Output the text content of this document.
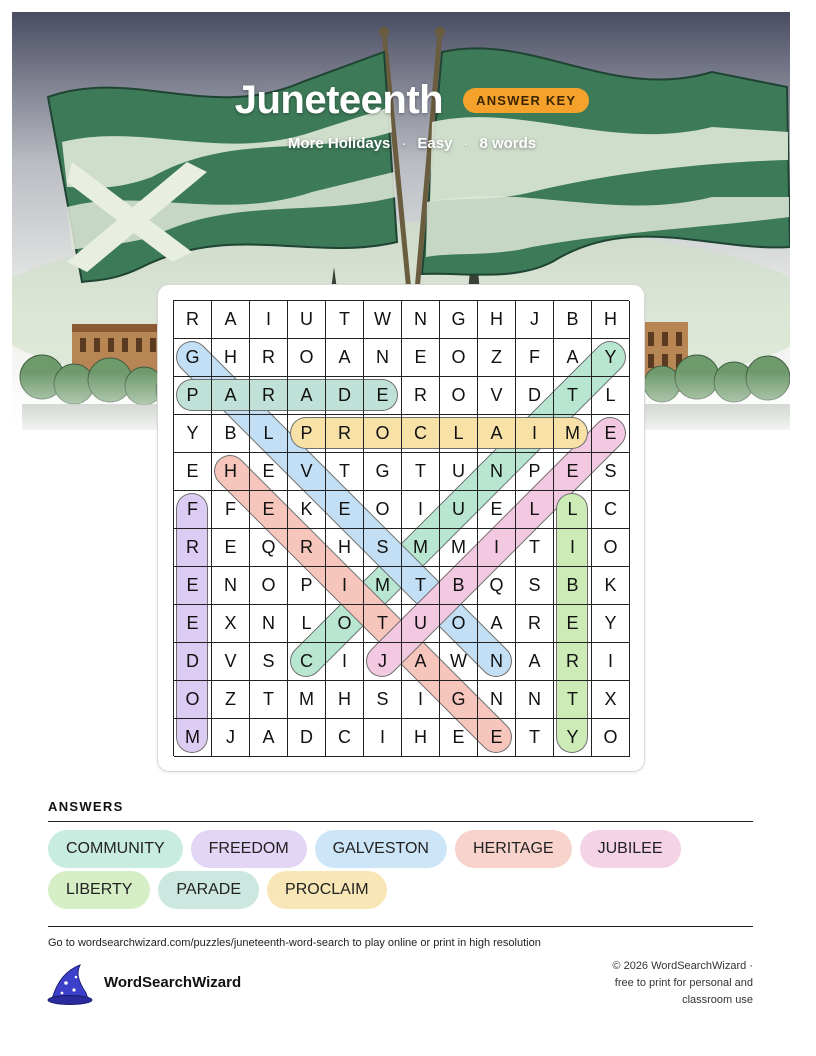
Juneteenth	ANSWER KEY
More Holidays · Easy · 8 words
R	A	I	U	T	W	N	G	H	J	B	H
G	H	R	O	A	N	E	O	Z	F	A	Y
P	A	R	A	D	E	R	O	V	D	T	L
Y	B	L	P	R	O	C	L	A	I	M	E
E	H	E	V	T	G	T	U	N	P	E	S
F	F	E	K	E	O	I	U	E	L	L	C
R	E	Q	R	H	S	M	M	I	T	I	O
E	N	O	P	I	M	T	B	Q	S	B	K
E	X	N	L	O	T	U	O	A	R	E	Y
D	V	S	C	I	J	A	W	N	A	R	I
O	Z	T	M	H	S	I	G	N	N	T	X
M	J	A	D	C	I	H	E	E	T	Y	O
ANSWERS
COMMUNITY	FREEDOM	GALVESTON	HERITAGE	JUBILEELIBERTY	PARADE	PROCLAIM
Go to wordsearchwizard.com/puzzles/juneteenth-word-search to play online or print in high resolution
WordSearchWizard
© 2026 WordSearchWizard ·
free to print for personal and
classroom use
